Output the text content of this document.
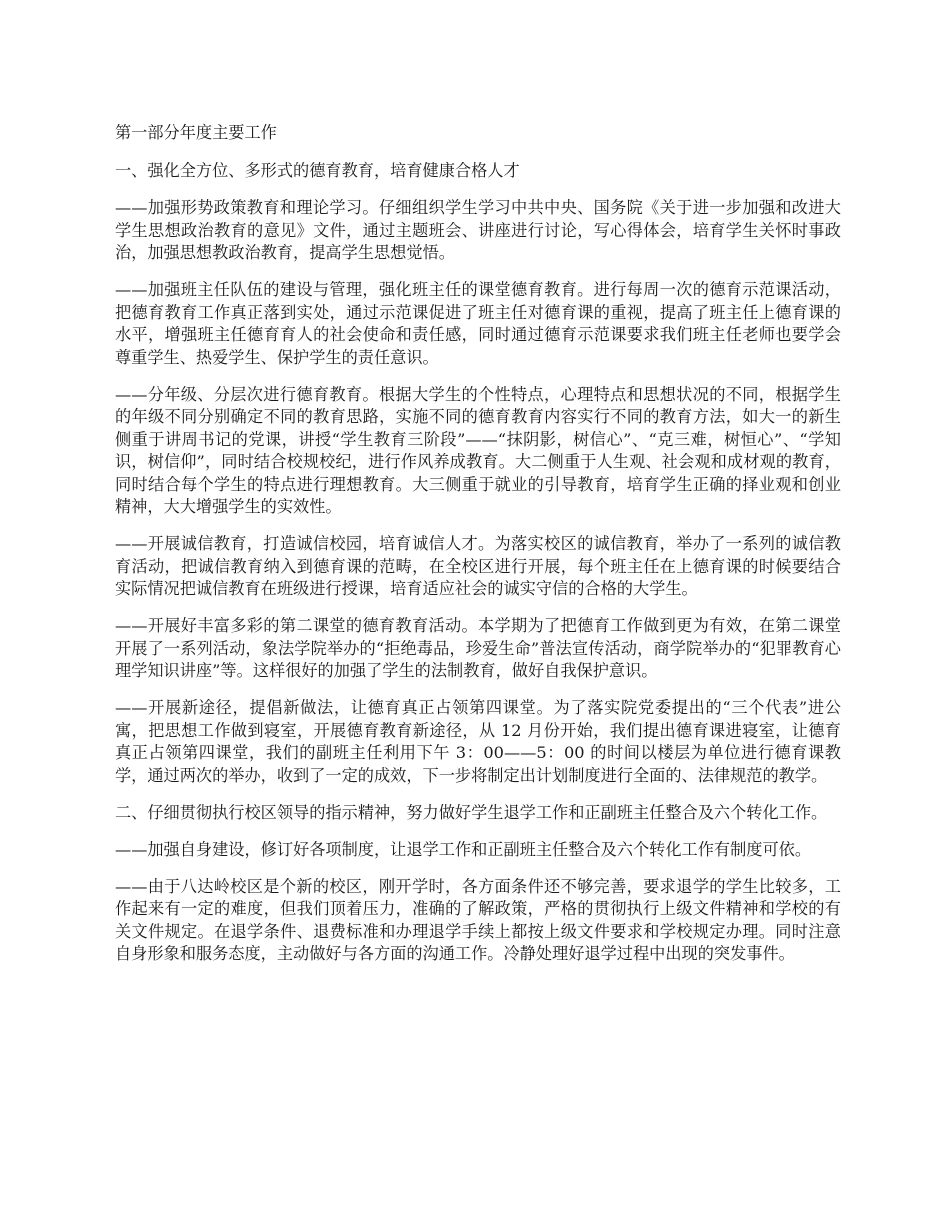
第一部分年度主要工作

一、强化全方位、多形式的德育教育，培育健康合格人才

——加强形势政策教育和理论学习。仔细组织学生学习中共中央、国务院《关于进一步加强和改进大学生思想政治教育的意见》文件，通过主题班会、讲座进行讨论，写心得体会，培育学生关怀时事政治，加强思想教政治教育，提高学生思想觉悟。

——加强班主任队伍的建设与管理，强化班主任的课堂德育教育。进行每周一次的德育示范课活动，把德育教育工作真正落到实处，通过示范课促进了班主任对德育课的重视，提高了班主任上德育课的水平，增强班主任德育育人的社会使命和责任感，同时通过德育示范课要求我们班主任老师也要学会尊重学生、热爱学生、保护学生的责任意识。

——分年级、分层次进行德育教育。根据大学生的个性特点，心理特点和思想状况的不同，根据学生的年级不同分别确定不同的教育思路，实施不同的德育教育内容实行不同的教育方法，如大一的新生侧重于讲周书记的党课，讲授“学生教育三阶段”——“抹阴影，树信心”、“克三难，树恒心”、“学知识，树信仰”，同时结合校规校纪，进行作风养成教育。大二侧重于人生观、社会观和成材观的教育，同时结合每个学生的特点进行理想教育。大三侧重于就业的引导教育，培育学生正确的择业观和创业精神，大大增强学生的实效性。

——开展诚信教育，打造诚信校园，培育诚信人才。为落实校区的诚信教育，举办了一系列的诚信教育活动，把诚信教育纳入到德育课的范畴，在全校区进行开展，每个班主任在上德育课的时候要结合实际情况把诚信教育在班级进行授课，培育适应社会的诚实守信的合格的大学生。

——开展好丰富多彩的第二课堂的德育教育活动。本学期为了把德育工作做到更为有效，在第二课堂开展了一系列活动，象法学院举办的“拒绝毒品，珍爱生命”普法宣传活动，商学院举办的“犯罪教育心理学知识讲座”等。这样很好的加强了学生的法制教育，做好自我保护意识。

——开展新途径，提倡新做法，让德育真正占领第四课堂。为了落实院党委提出的“三个代表”进公寓，把思想工作做到寝室，开展德育教育新途径，从 12 月份开始，我们提出德育课进寝室，让德育真正占领第四课堂，我们的副班主任利用下午 3：00——5：00 的时间以楼层为单位进行德育课教学，通过两次的举办，收到了一定的成效，下一步将制定出计划制度进行全面的、法律规范的教学。

二、仔细贯彻执行校区领导的指示精神，努力做好学生退学工作和正副班主任整合及六个转化工作。

——加强自身建设，修订好各项制度，让退学工作和正副班主任整合及六个转化工作有制度可依。

——由于八达岭校区是个新的校区，刚开学时，各方面条件还不够完善，要求退学的学生比较多，工作起来有一定的难度，但我们顶着压力，准确的了解政策，严格的贯彻执行上级文件精神和学校的有关文件规定。在退学条件、退费标准和办理退学手续上都按上级文件要求和学校规定办理。同时注意自身形象和服务态度，主动做好与各方面的沟通工作。冷静处理好退学过程中出现的突发事件。
